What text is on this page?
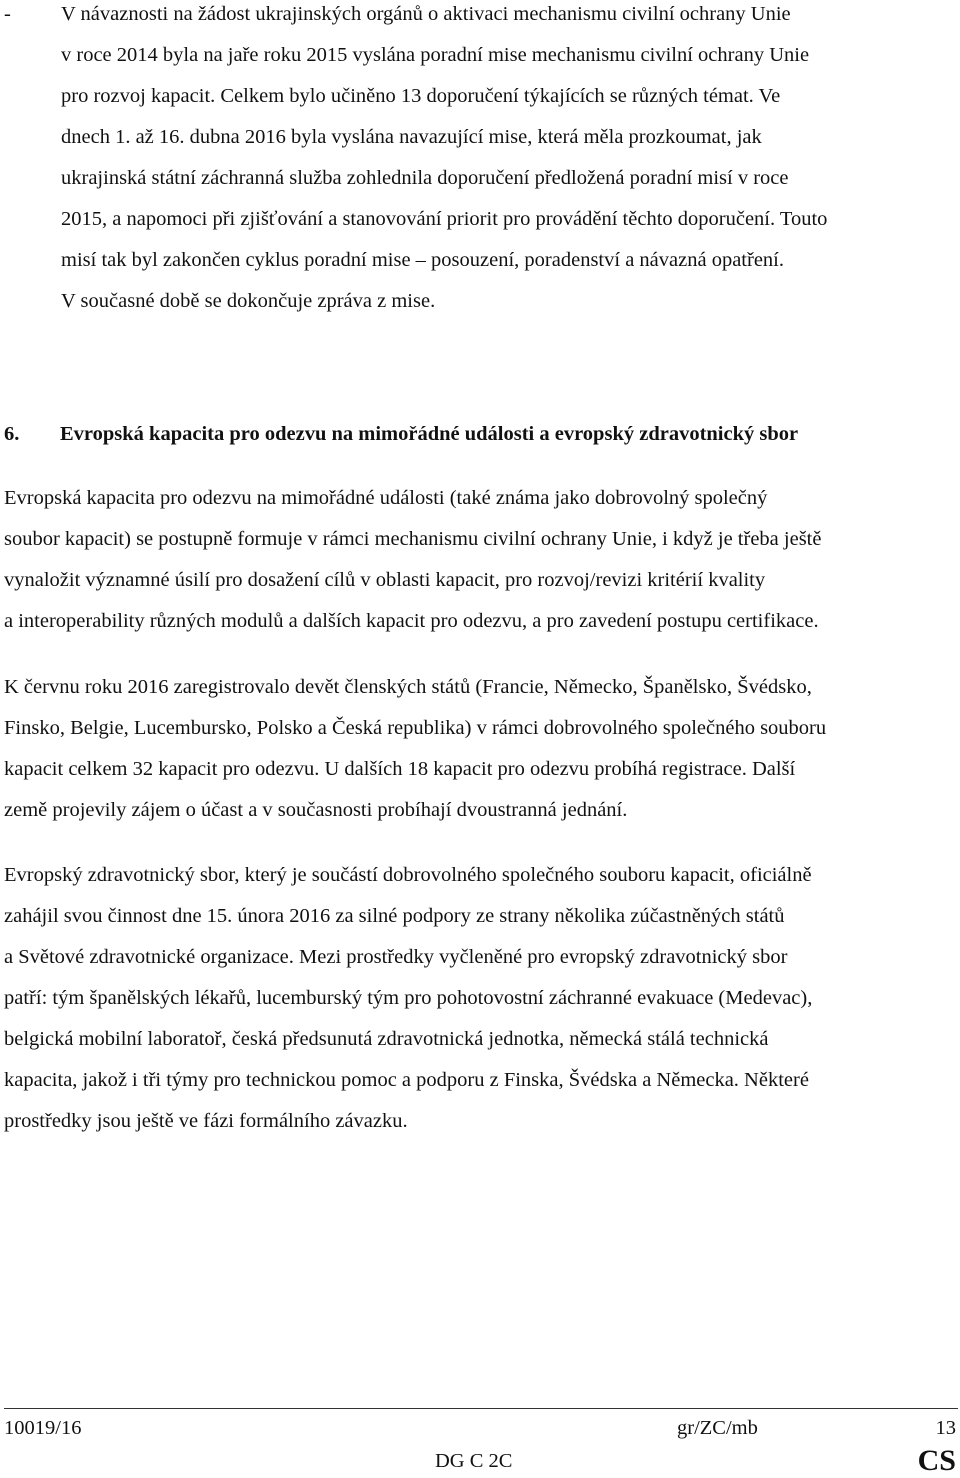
- V návaznosti na žádost ukrajinských orgánů o aktivaci mechanismu civilní ochrany Unie
v roce 2014 byla na jaře roku 2015 vyslána poradní mise mechanismu civilní ochrany Unie
pro rozvoj kapacit. Celkem bylo učiněno 13 doporučení týkajících se různých témat. Ve
dnech 1. až 16. dubna 2016 byla vyslána navazující mise, která měla prozkoumat, jak
ukrajinská státní záchranná služba zohlednila doporučení předložená poradní misí v roce
2015, a napomoci při zjišťování a stanovování priorit pro provádění těchto doporučení. Touto
misí tak byl zakončen cyklus poradní mise – posouzení, poradenství a návazná opatření.
V současné době se dokončuje zpráva z mise.
6. Evropská kapacita pro odezvu na mimořádné události a evropský zdravotnický sbor
Evropská kapacita pro odezvu na mimořádné události (také známa jako dobrovolný společný
soubor kapacit) se postupně formuje v rámci mechanismu civilní ochrany Unie, i když je třeba ještě
vynaložit významné úsilí pro dosažení cílů v oblasti kapacit, pro rozvoj/revizi kritérií kvality
a interoperability různých modulů a dalších kapacit pro odezvu, a pro zavedení postupu certifikace.
K červnu roku 2016 zaregistrovalo devět členských států (Francie, Německo, Španělsko, Švédsko,
Finsko, Belgie, Lucembursko, Polsko a Česká republika) v rámci dobrovolného společného souboru
kapacit celkem 32 kapacit pro odezvu. U dalších 18 kapacit pro odezvu probíhá registrace. Další
země projevily zájem o účast a v současnosti probíhají dvoustranná jednání.
Evropský zdravotnický sbor, který je součástí dobrovolného společného souboru kapacit, oficiálně
zahájil svou činnost dne 15. února 2016 za silné podpory ze strany několika zúčastněných států
a Světové zdravotnické organizace. Mezi prostředky vyčleněné pro evropský zdravotnický sbor
patří: tým španělských lékařů, lucemburský tým pro pohotovostní záchranné evakuace (Medevac),
belgická mobilní laboratoř, česká předsunutá zdravotnická jednotka, německá stálá technická
kapacita, jakož i tři týmy pro technickou pomoc a podporu z Finska, Švédska a Německa. Některé
prostředky jsou ještě ve fázi formálního závazku.
10019/16	gr/ZC/mb	13
DG C 2C	CS
